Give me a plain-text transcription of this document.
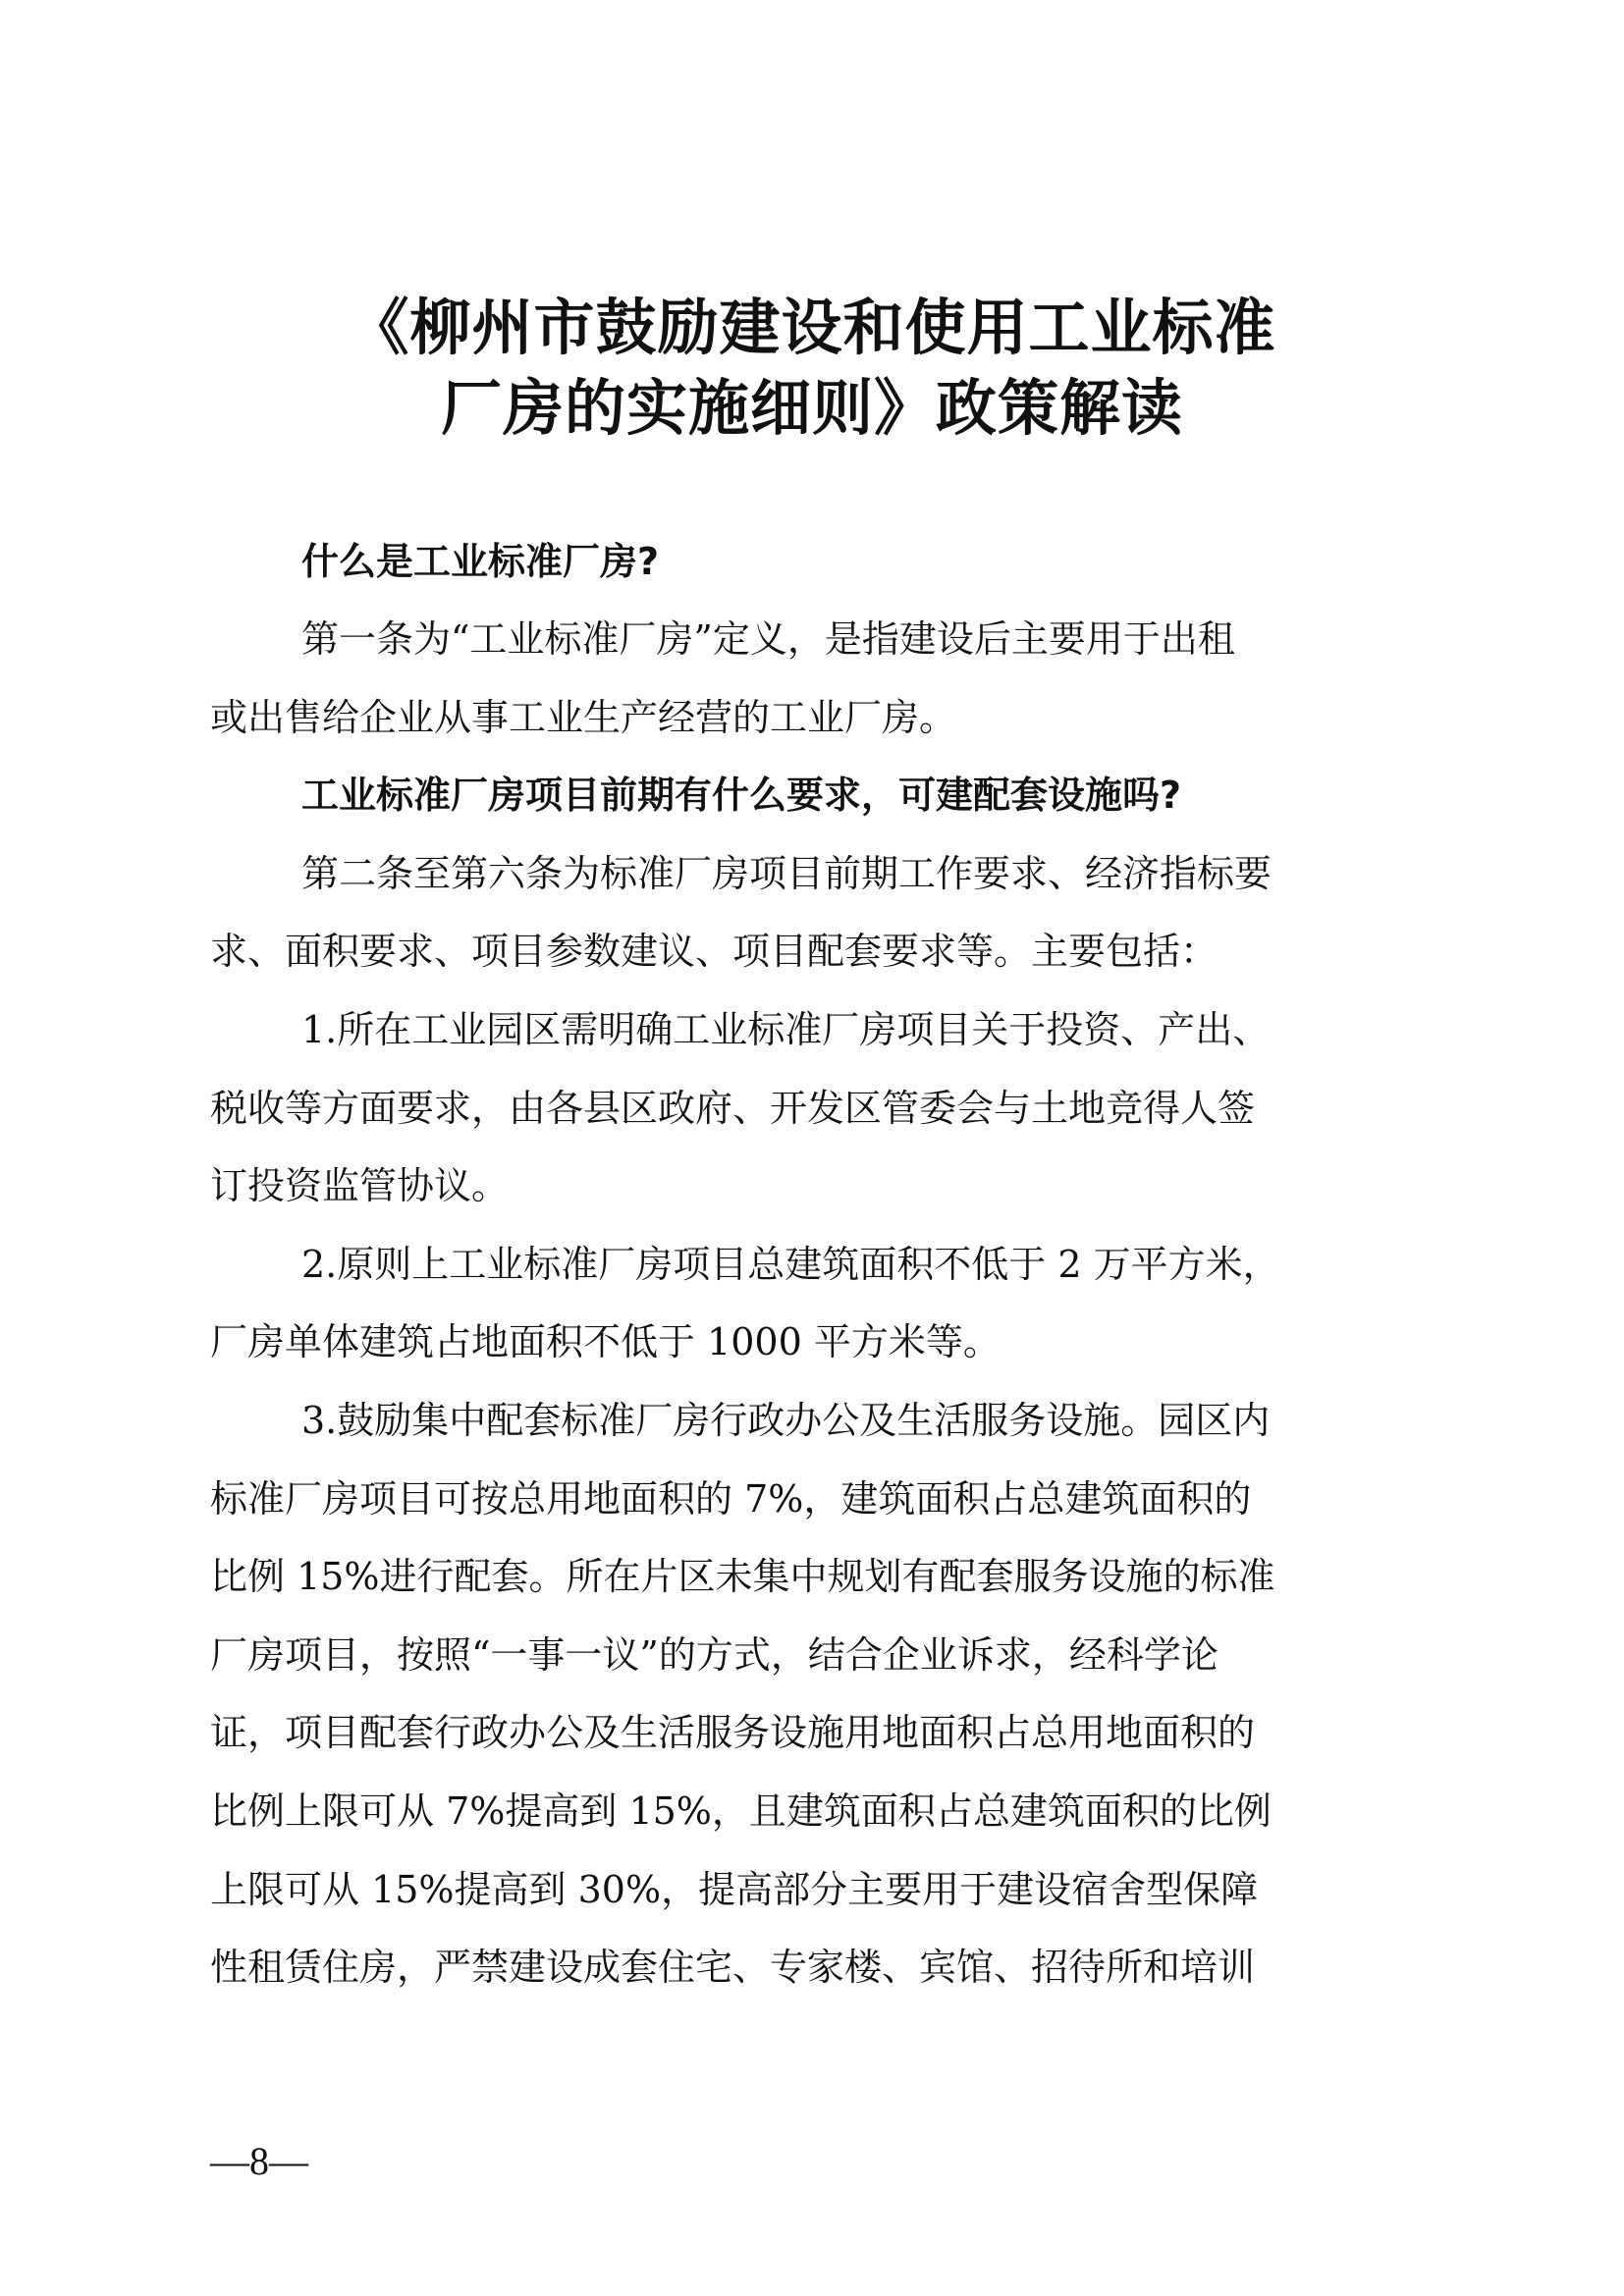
《柳州市鼓励建设和使用工业标准
厂房的实施细则》政策解读
什么是工业标准厂房?
第一条为“工业标准厂房”定义，是指建设后主要用于出租
或出售给企业从事工业生产经营的工业厂房。
工业标准厂房项目前期有什么要求，可建配套设施吗?
第二条至第六条为标准厂房项目前期工作要求、经济指标要
求、面积要求、项目参数建议、项目配套要求等。主要包括：
1.所在工业园区需明确工业标准厂房项目关于投资、产出、
税收等方面要求，由各县区政府、开发区管委会与土地竞得人签
订投资监管协议。
2.原则上工业标准厂房项目总建筑面积不低于 2 万平方米，
厂房单体建筑占地面积不低于 1000 平方米等。
3.鼓励集中配套标准厂房行政办公及生活服务设施。园区内
标准厂房项目可按总用地面积的 7%，建筑面积占总建筑面积的
比例 15%进行配套。所在片区未集中规划有配套服务设施的标准
厂房项目，按照“一事一议”的方式，结合企业诉求，经科学论
证，项目配套行政办公及生活服务设施用地面积占总用地面积的
比例上限可从 7%提高到 15%，且建筑面积占总建筑面积的比例
上限可从 15%提高到 30%，提高部分主要用于建设宿舍型保障
性租赁住房，严禁建设成套住宅、专家楼、宾馆、招待所和培训
—8—
